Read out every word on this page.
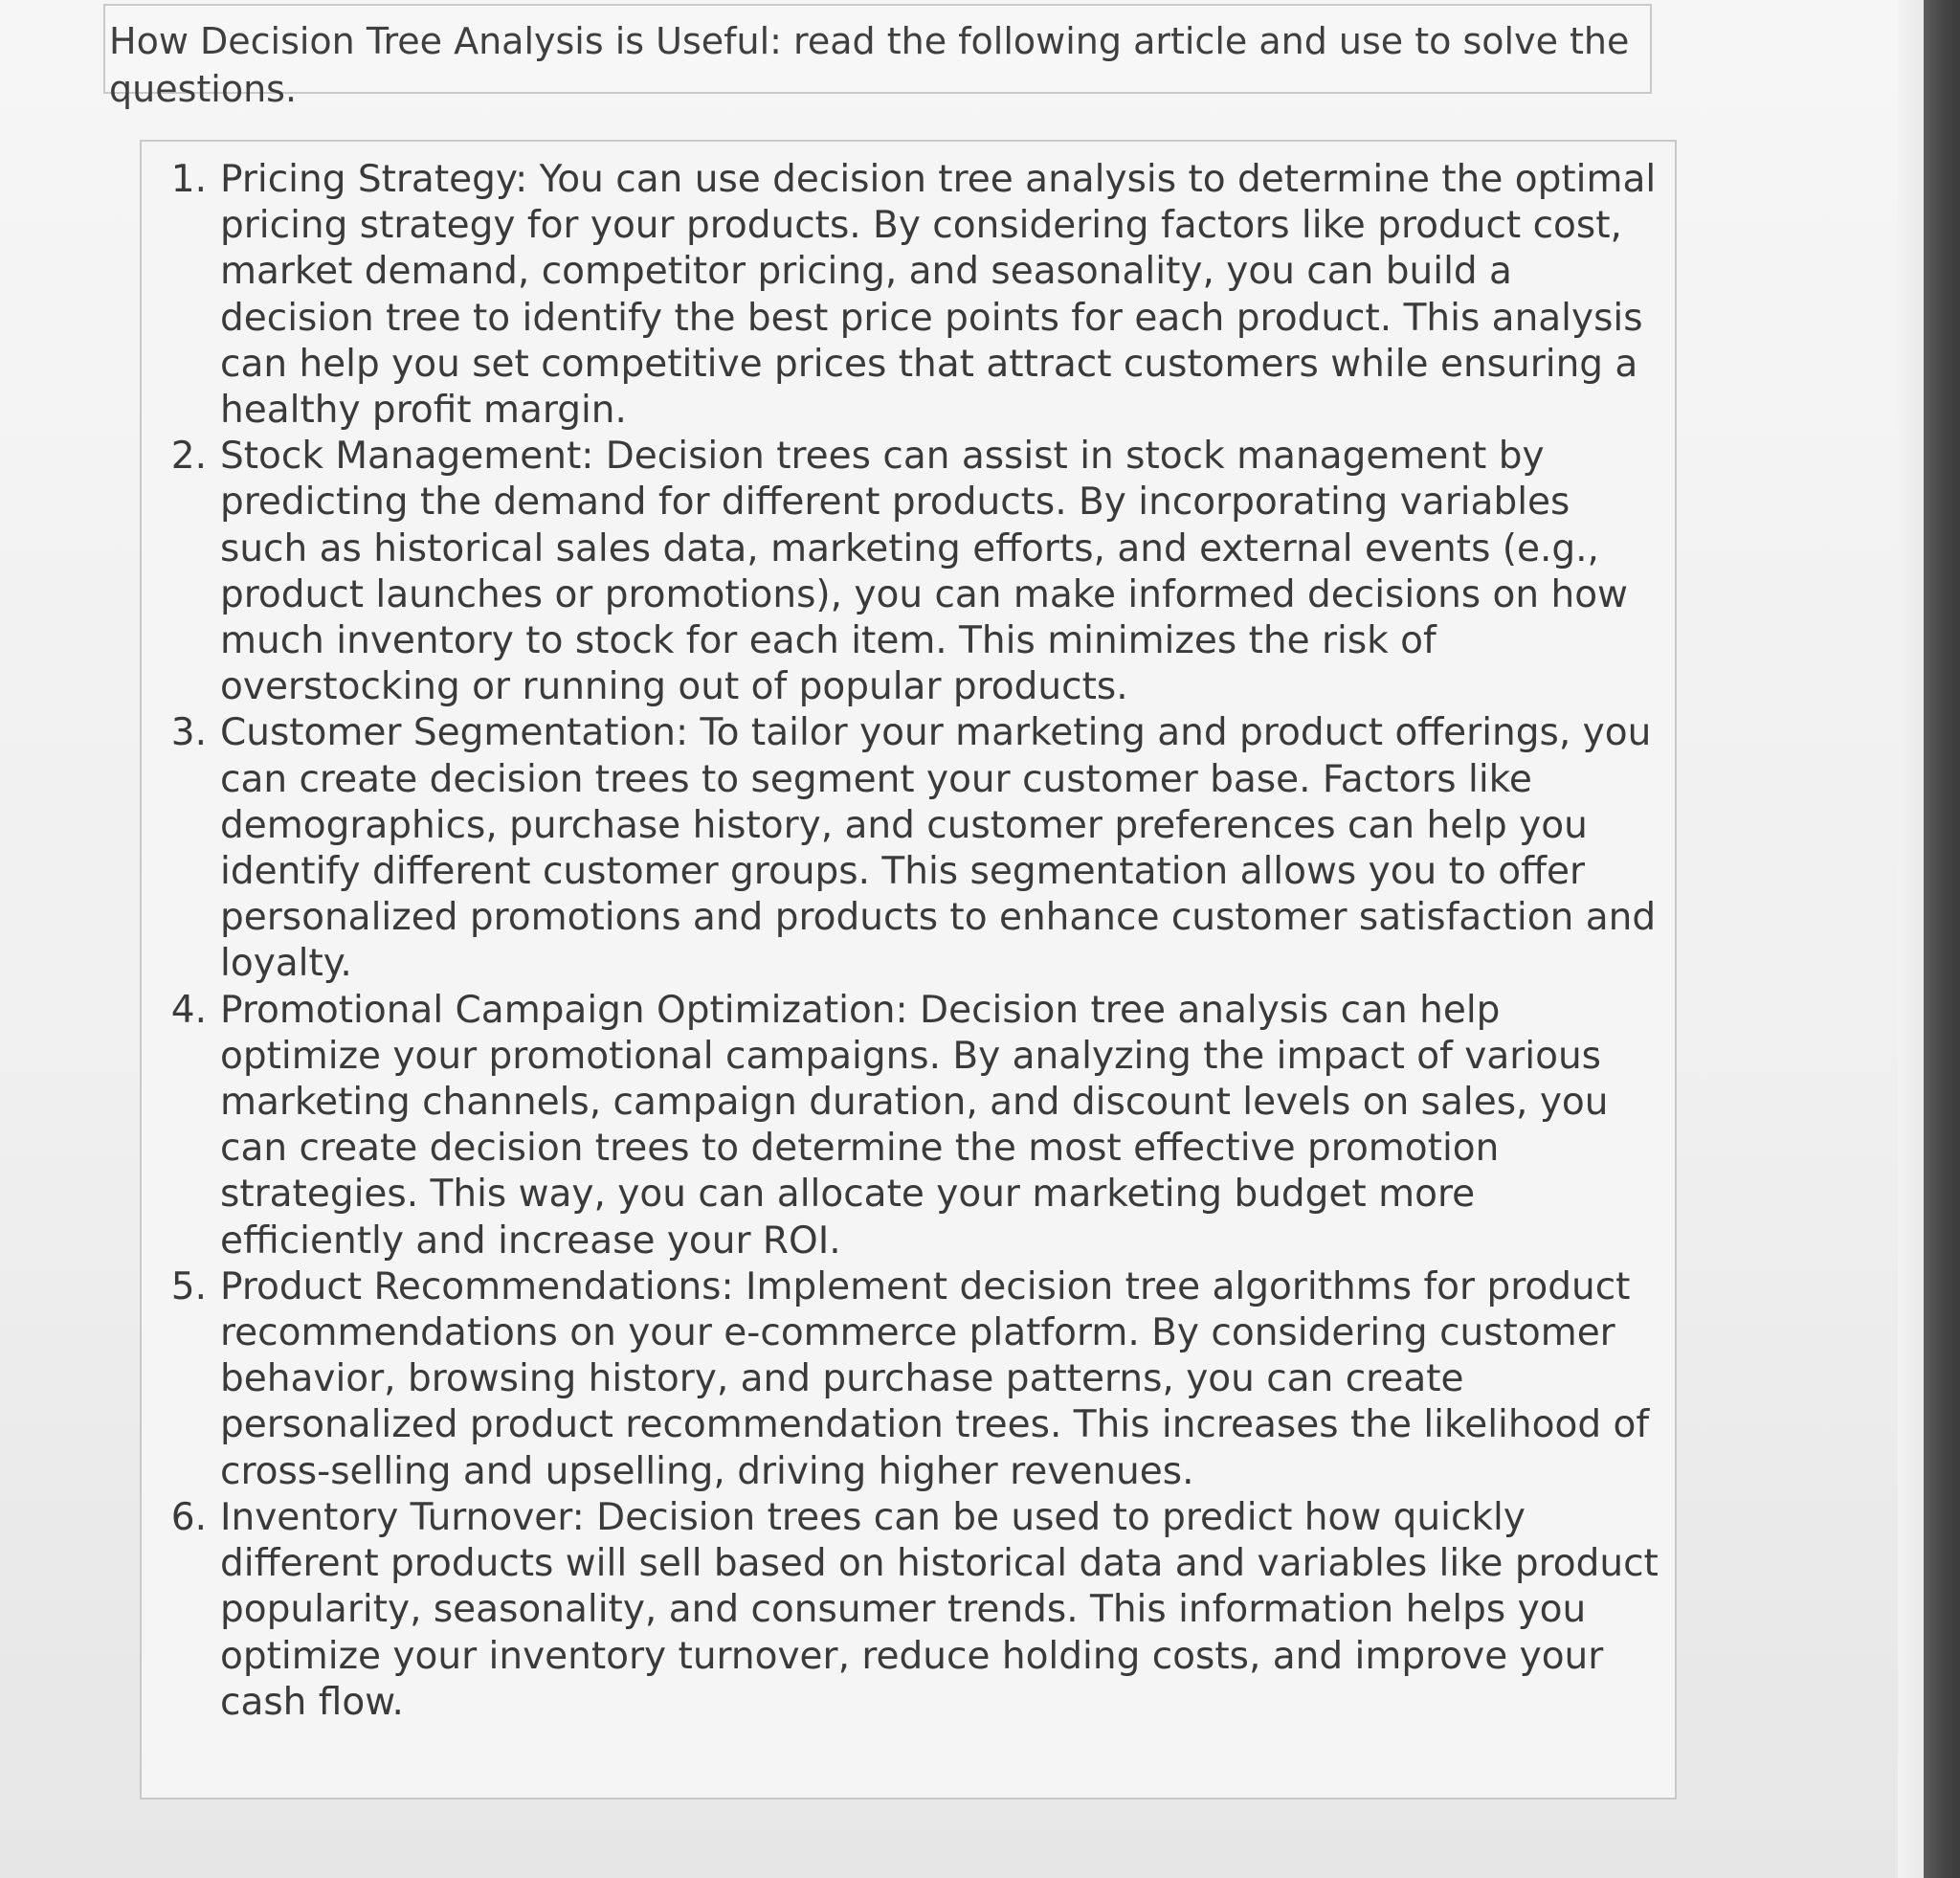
How Decision Tree Analysis is Useful: read the following article and use to solve the questions.
1. Pricing Strategy: You can use decision tree analysis to determine the optimal pricing strategy for your products. By considering factors like product cost, market demand, competitor pricing, and seasonality, you can build a decision tree to identify the best price points for each product. This analysis can help you set competitive prices that attract customers while ensuring a healthy profit margin.
2. Stock Management: Decision trees can assist in stock management by predicting the demand for different products. By incorporating variables such as historical sales data, marketing efforts, and external events (e.g., product launches or promotions), you can make informed decisions on how much inventory to stock for each item. This minimizes the risk of overstocking or running out of popular products.
3. Customer Segmentation: To tailor your marketing and product offerings, you can create decision trees to segment your customer base. Factors like demographics, purchase history, and customer preferences can help you identify different customer groups. This segmentation allows you to offer personalized promotions and products to enhance customer satisfaction and loyalty.
4. Promotional Campaign Optimization: Decision tree analysis can help optimize your promotional campaigns. By analyzing the impact of various marketing channels, campaign duration, and discount levels on sales, you can create decision trees to determine the most effective promotion strategies. This way, you can allocate your marketing budget more efficiently and increase your ROI.
5. Product Recommendations: Implement decision tree algorithms for product recommendations on your e-commerce platform. By considering customer behavior, browsing history, and purchase patterns, you can create personalized product recommendation trees. This increases the likelihood of cross-selling and upselling, driving higher revenues.
6. Inventory Turnover: Decision trees can be used to predict how quickly different products will sell based on historical data and variables like product popularity, seasonality, and consumer trends. This information helps you optimize your inventory turnover, reduce holding costs, and improve your cash flow.
